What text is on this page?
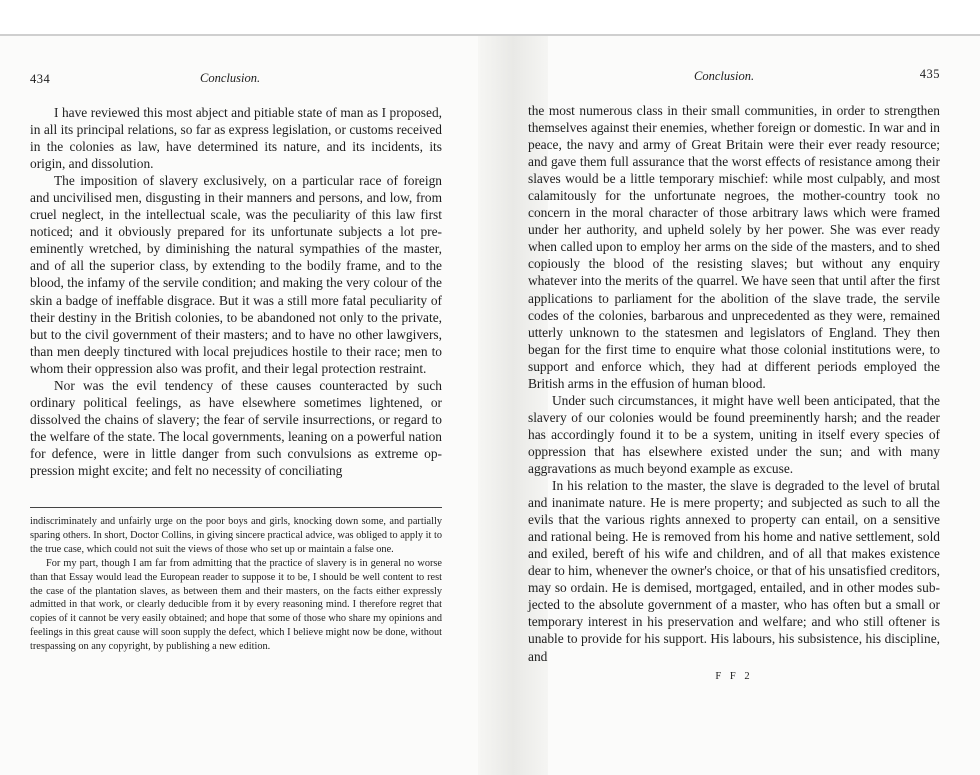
434	Conclusion.

I have reviewed this most abject and pitiable state of man as I proposed, in all its principal relations, so far as express legislation, or customs received in the colonies as law, have determined its nature, and its incidents, its origin, and dissolution.

The imposition of slavery exclusively, on a particular race of foreign and uncivilised men, disgusting in their manners and persons, and low, from cruel neglect, in the intellectual scale, was the peculiarity of this law first noticed; and it obviously prepared for its unfortunate subjects a lot pre-eminently wretched, by diminishing the natural sympathies of the master, and of all the superior class, by extending to the bodily frame, and to the blood, the infamy of the servile condition; and making the very colour of the skin a badge of ineffable disgrace. But it was a still more fatal peculiarity of their destiny in the British colonies, to be abandoned not only to the private, but to the civil government of their masters; and to have no other lawgivers, than men deeply tinctured with local prejudices hostile to their race; men to whom their oppression also was profit, and their legal protection restraint.

Nor was the evil tendency of these causes counteracted by such ordinary political feelings, as have elsewhere sometimes lightened, or dissolved the chains of slavery; the fear of servile insurrections, or regard to the welfare of the state. The local governments, leaning on a powerful nation for defence, were in little danger from such convulsions as extreme oppression might excite; and felt no necessity of conciliating

indiscriminately and unfairly urge on the poor boys and girls, knocking down some, and partially sparing others. In short, Doctor Collins, in giving sincere practical advice, was obliged to apply it to the true case, which could not suit the views of those who set up or maintain a false one.

For my part, though I am far from admitting that the practice of slavery is in general no worse than that Essay would lead the European reader to suppose it to be, I should be well content to rest the case of the plantation slaves, as between them and their masters, on the facts either expressly admitted in that work, or clearly deducible from it by every reasoning mind. I therefore regret that copies of it cannot be very easily obtained; and hope that some of those who share my opinions and feelings in this great cause will soon supply the defect, which I believe might now be done, without trespassing on any copyright, by publishing a new edition.

Conclusion.	435

the most numerous class in their small communities, in order to strengthen themselves against their enemies, whether foreign or domestic. In war and in peace, the navy and army of Great Britain were their ever ready resource; and gave them full assurance that the worst effects of resistance among their slaves would be a little temporary mischief: while most culpably, and most calamitously for the unfortunate negroes, the mother-country took no concern in the moral character of those arbitrary laws which were framed under her authority, and upheld solely by her power. She was ever ready when called upon to employ her arms on the side of the masters, and to shed copiously the blood of the resisting slaves; but without any enquiry whatever into the merits of the quarrel. We have seen that until after the first applications to parliament for the abolition of the slave trade, the servile codes of the colonies, barbarous and unprecedented as they were, remained utterly unknown to the statesmen and legislators of England. They then began for the first time to enquire what those colonial institutions were, to support and enforce which, they had at different periods employed the British arms in the effusion of human blood.

Under such circumstances, it might have well been anticipated, that the slavery of our colonies would be found preeminently harsh; and the reader has accordingly found it to be a system, uniting in itself every species of oppression that has elsewhere existed under the sun; and with many aggravations as much beyond example as excuse.

In his relation to the master, the slave is degraded to the level of brutal and inanimate nature. He is mere property; and subjected as such to all the evils that the various rights annexed to property can entail, on a sensitive and rational being. He is removed from his home and native settlement, sold and exiled, bereft of his wife and children, and of all that makes existence dear to him, whenever the owner's choice, or that of his unsatisfied creditors, may so ordain. He is demised, mortgaged, entailed, and in other modes subjected to the absolute government of a master, who has often but a small or temporary interest in his preservation and welfare; and who still oftener is unable to provide for his support. His labours, his subsistence, his discipline, and

F F 2
